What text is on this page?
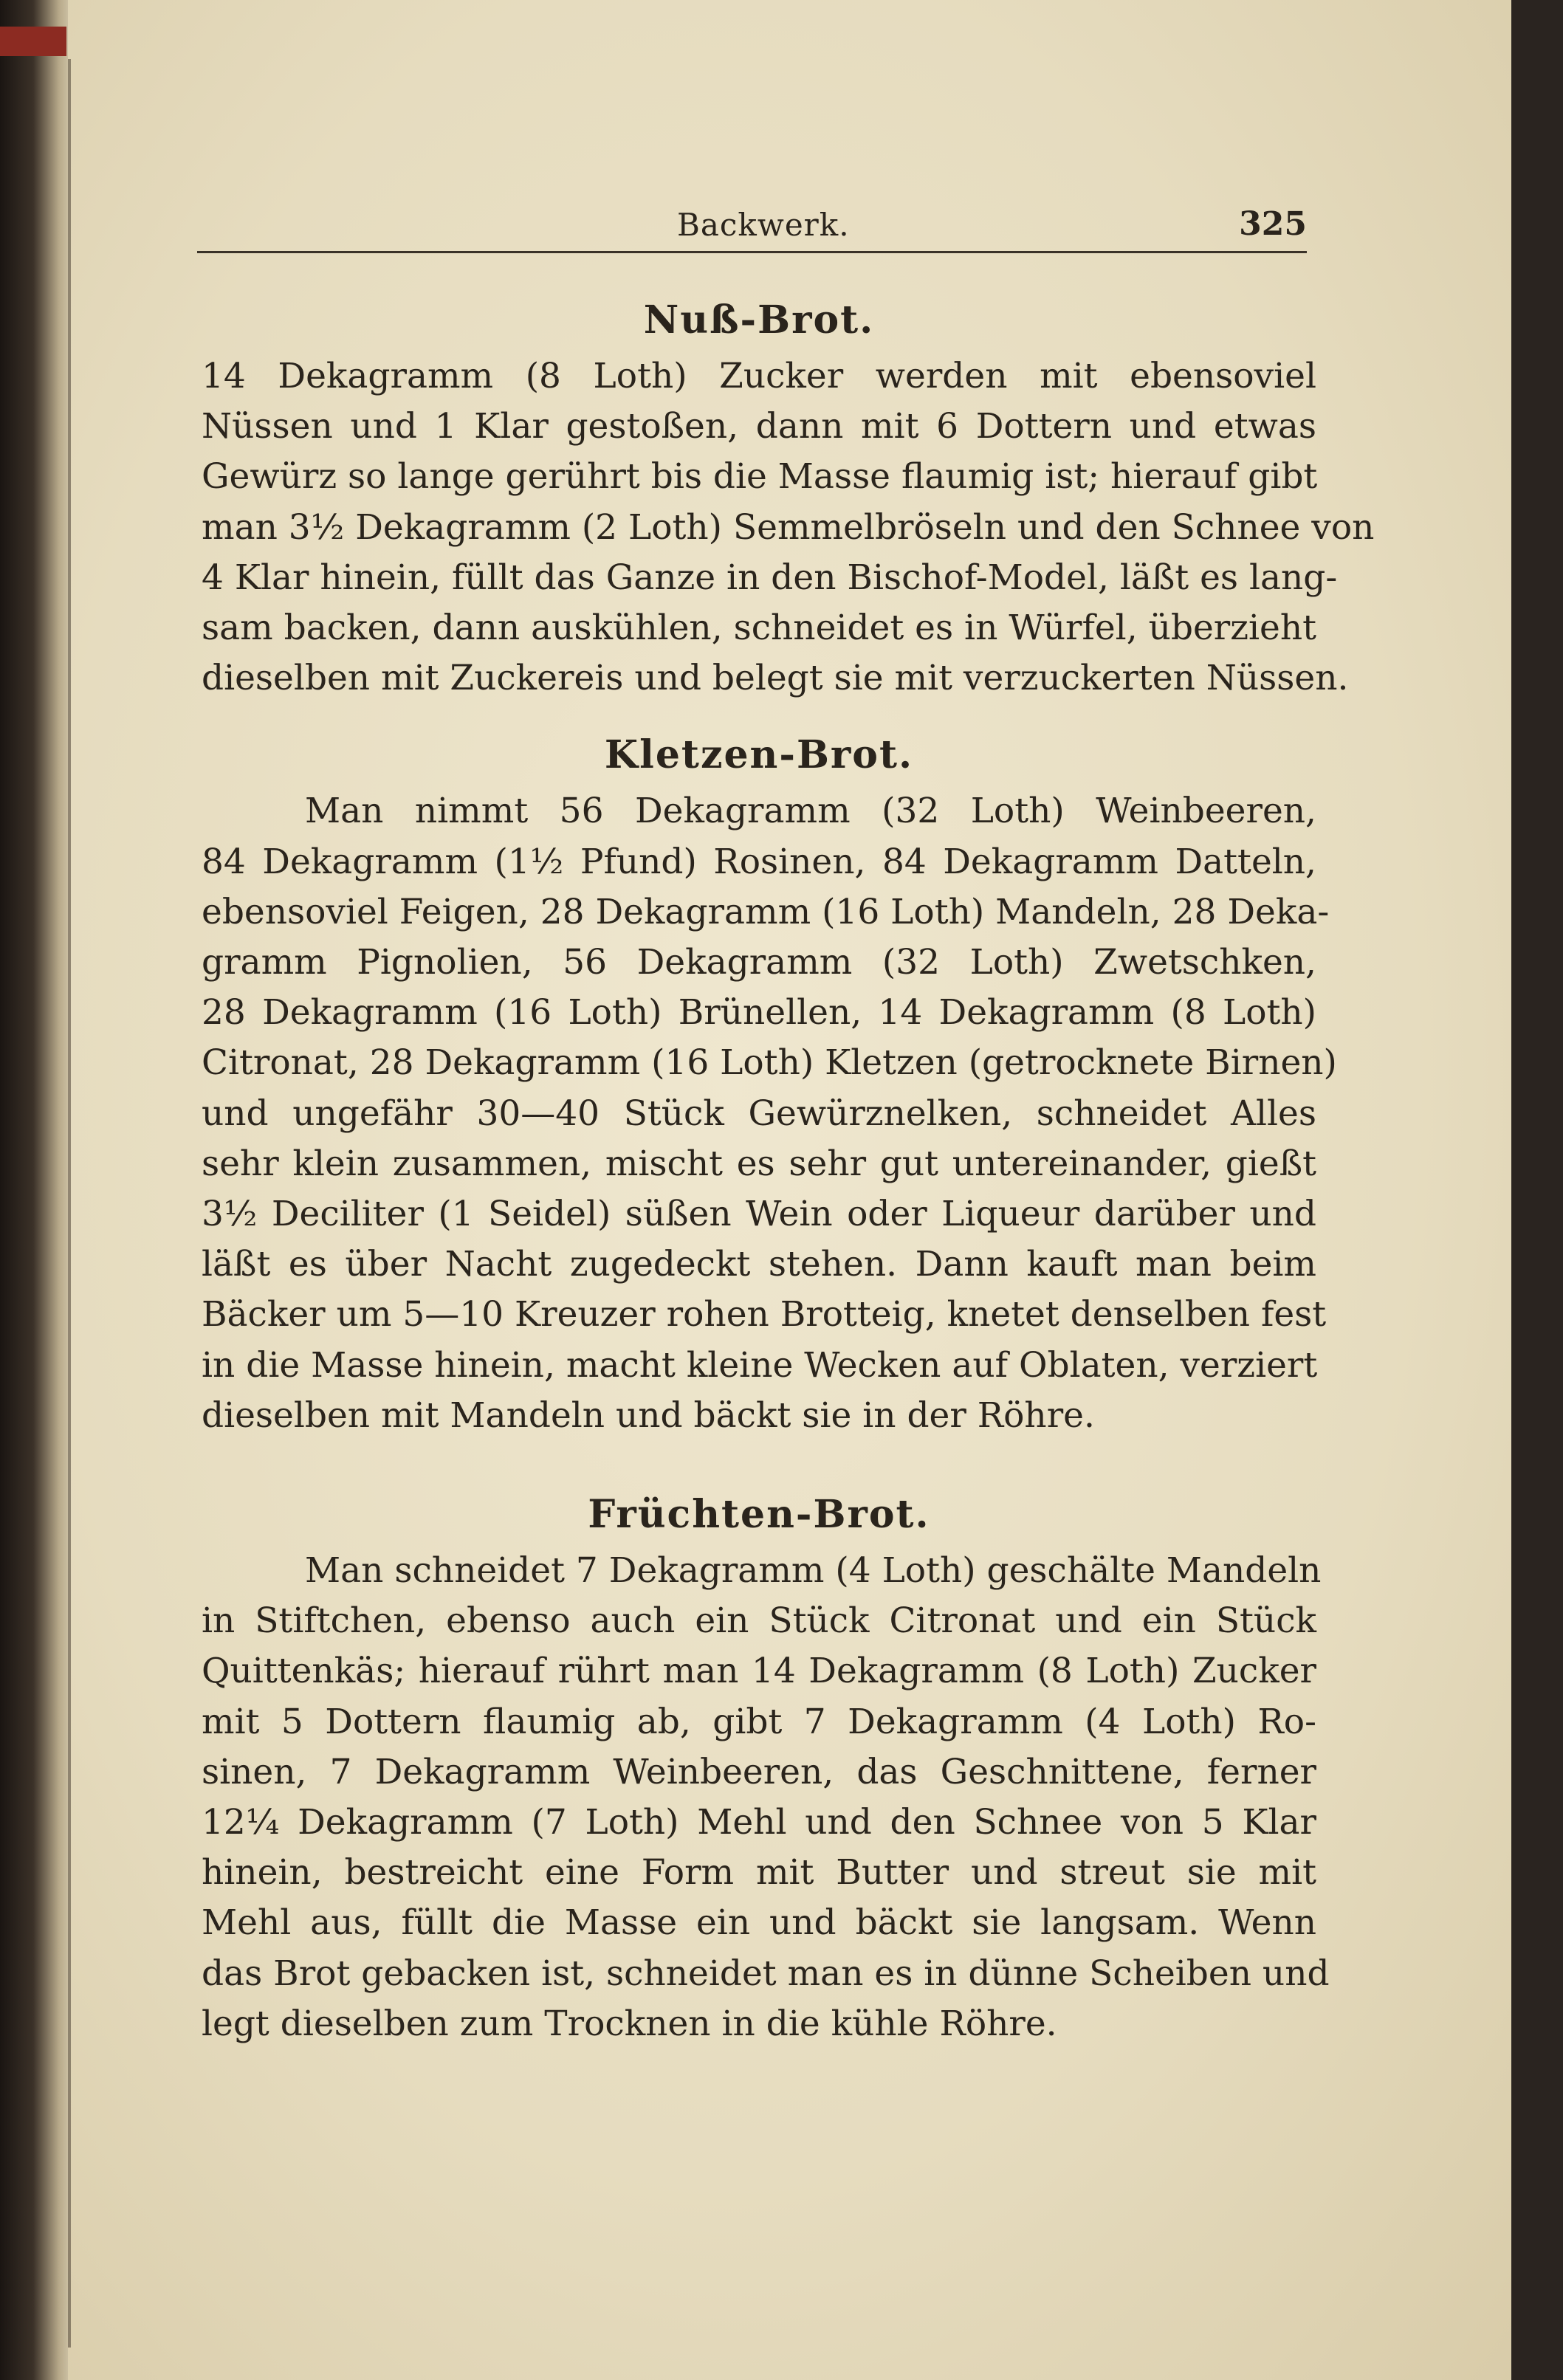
Backwerk.	325
Nuß-Brot.
14 Dekagramm (8 Loth) Zucker werden mit ebensoviel
Nüssen und 1 Klar gestoßen, dann mit 6 Dottern und etwas
Gewürz so lange gerührt bis die Masse flaumig ist; hierauf gibt
man 3½ Dekagramm (2 Loth) Semmelbröseln und den Schnee von
4 Klar hinein, füllt das Ganze in den Bischof-Model, läßt es lang-
sam backen, dann auskühlen, schneidet es in Würfel, überzieht
dieselben mit Zuckereis und belegt sie mit verzuckerten Nüssen.
Kletzen-Brot.
Man nimmt 56 Dekagramm (32 Loth) Weinbeeren,
84 Dekagramm (1½ Pfund) Rosinen, 84 Dekagramm Datteln,
ebensoviel Feigen, 28 Dekagramm (16 Loth) Mandeln, 28 Deka-
gramm Pignolien, 56 Dekagramm (32 Loth) Zwetschken,
28 Dekagramm (16 Loth) Brünellen, 14 Dekagramm (8 Loth)
Citronat, 28 Dekagramm (16 Loth) Kletzen (getrocknete Birnen)
und ungefähr 30—40 Stück Gewürznelken, schneidet Alles
sehr klein zusammen, mischt es sehr gut untereinander, gießt
3½ Deciliter (1 Seidel) süßen Wein oder Liqueur darüber und
läßt es über Nacht zugedeckt stehen. Dann kauft man beim
Bäcker um 5—10 Kreuzer rohen Brotteig, knetet denselben fest
in die Masse hinein, macht kleine Wecken auf Oblaten, verziert
dieselben mit Mandeln und bäckt sie in der Röhre.
Früchten-Brot.
Man schneidet 7 Dekagramm (4 Loth) geschälte Mandeln
in Stiftchen, ebenso auch ein Stück Citronat und ein Stück
Quittenkäs; hierauf rührt man 14 Dekagramm (8 Loth) Zucker
mit 5 Dottern flaumig ab, gibt 7 Dekagramm (4 Loth) Ro-
sinen, 7 Dekagramm Weinbeeren, das Geschnittene, ferner
12¼ Dekagramm (7 Loth) Mehl und den Schnee von 5 Klar
hinein, bestreicht eine Form mit Butter und streut sie mit
Mehl aus, füllt die Masse ein und bäckt sie langsam. Wenn
das Brot gebacken ist, schneidet man es in dünne Scheiben und
legt dieselben zum Trocknen in die kühle Röhre.
